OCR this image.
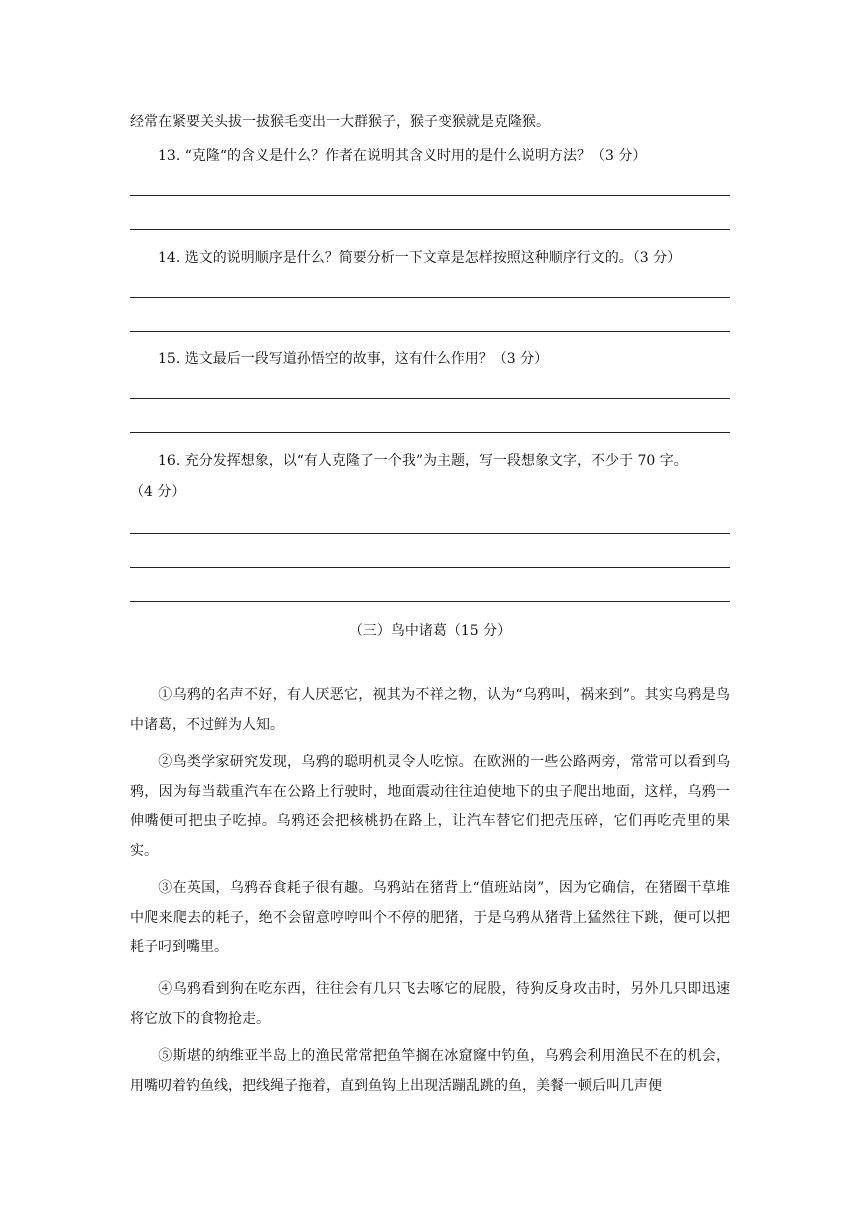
经常在紧要关头拔一拔猴毛变出一大群猴子，猴子变猴就是克隆猴。
13. “克隆“的含义是什么？作者在说明其含义时用的是什么说明方法？（3 分）
14. 选文的说明顺序是什么？简要分析一下文章是怎样按照这种顺序行文的。（3 分）
15. 选文最后一段写道孙悟空的故事，这有什么作用？（3 分）
16. 充分发挥想象，以“有人克隆了一个我”为主题，写一段想象文字，不少于 70 字。
（4 分）
（三）鸟中诸葛（15 分）
①乌鸦的名声不好，有人厌恶它，视其为不祥之物，认为“乌鸦叫，祸来到”。其实乌鸦是鸟中诸葛，不过鲜为人知。
②鸟类学家研究发现，乌鸦的聪明机灵令人吃惊。在欧洲的一些公路两旁，常常可以看到乌鸦，因为每当载重汽车在公路上行驶时，地面震动往往迫使地下的虫子爬出地面，这样，乌鸦一伸嘴便可把虫子吃掉。乌鸦还会把核桃扔在路上，让汽车替它们把壳压碎，它们再吃壳里的果实。
③在英国，乌鸦吞食耗子很有趣。乌鸦站在猪背上“值班站岗”，因为它确信，在猪圈干草堆中爬来爬去的耗子，绝不会留意哼哼叫个不停的肥猪，于是乌鸦从猪背上猛然往下跳，便可以把耗子叼到嘴里。
④乌鸦看到狗在吃东西，往往会有几只飞去啄它的屁股，待狗反身攻击时，另外几只即迅速将它放下的食物抢走。
⑤斯堪的纳维亚半岛上的渔民常常把鱼竿搁在冰窟窿中钓鱼，乌鸦会利用渔民不在的机会，用嘴叨着钓鱼线，把线绳子拖着，直到鱼钩上出现活蹦乱跳的鱼，美餐一顿后叫几声便
